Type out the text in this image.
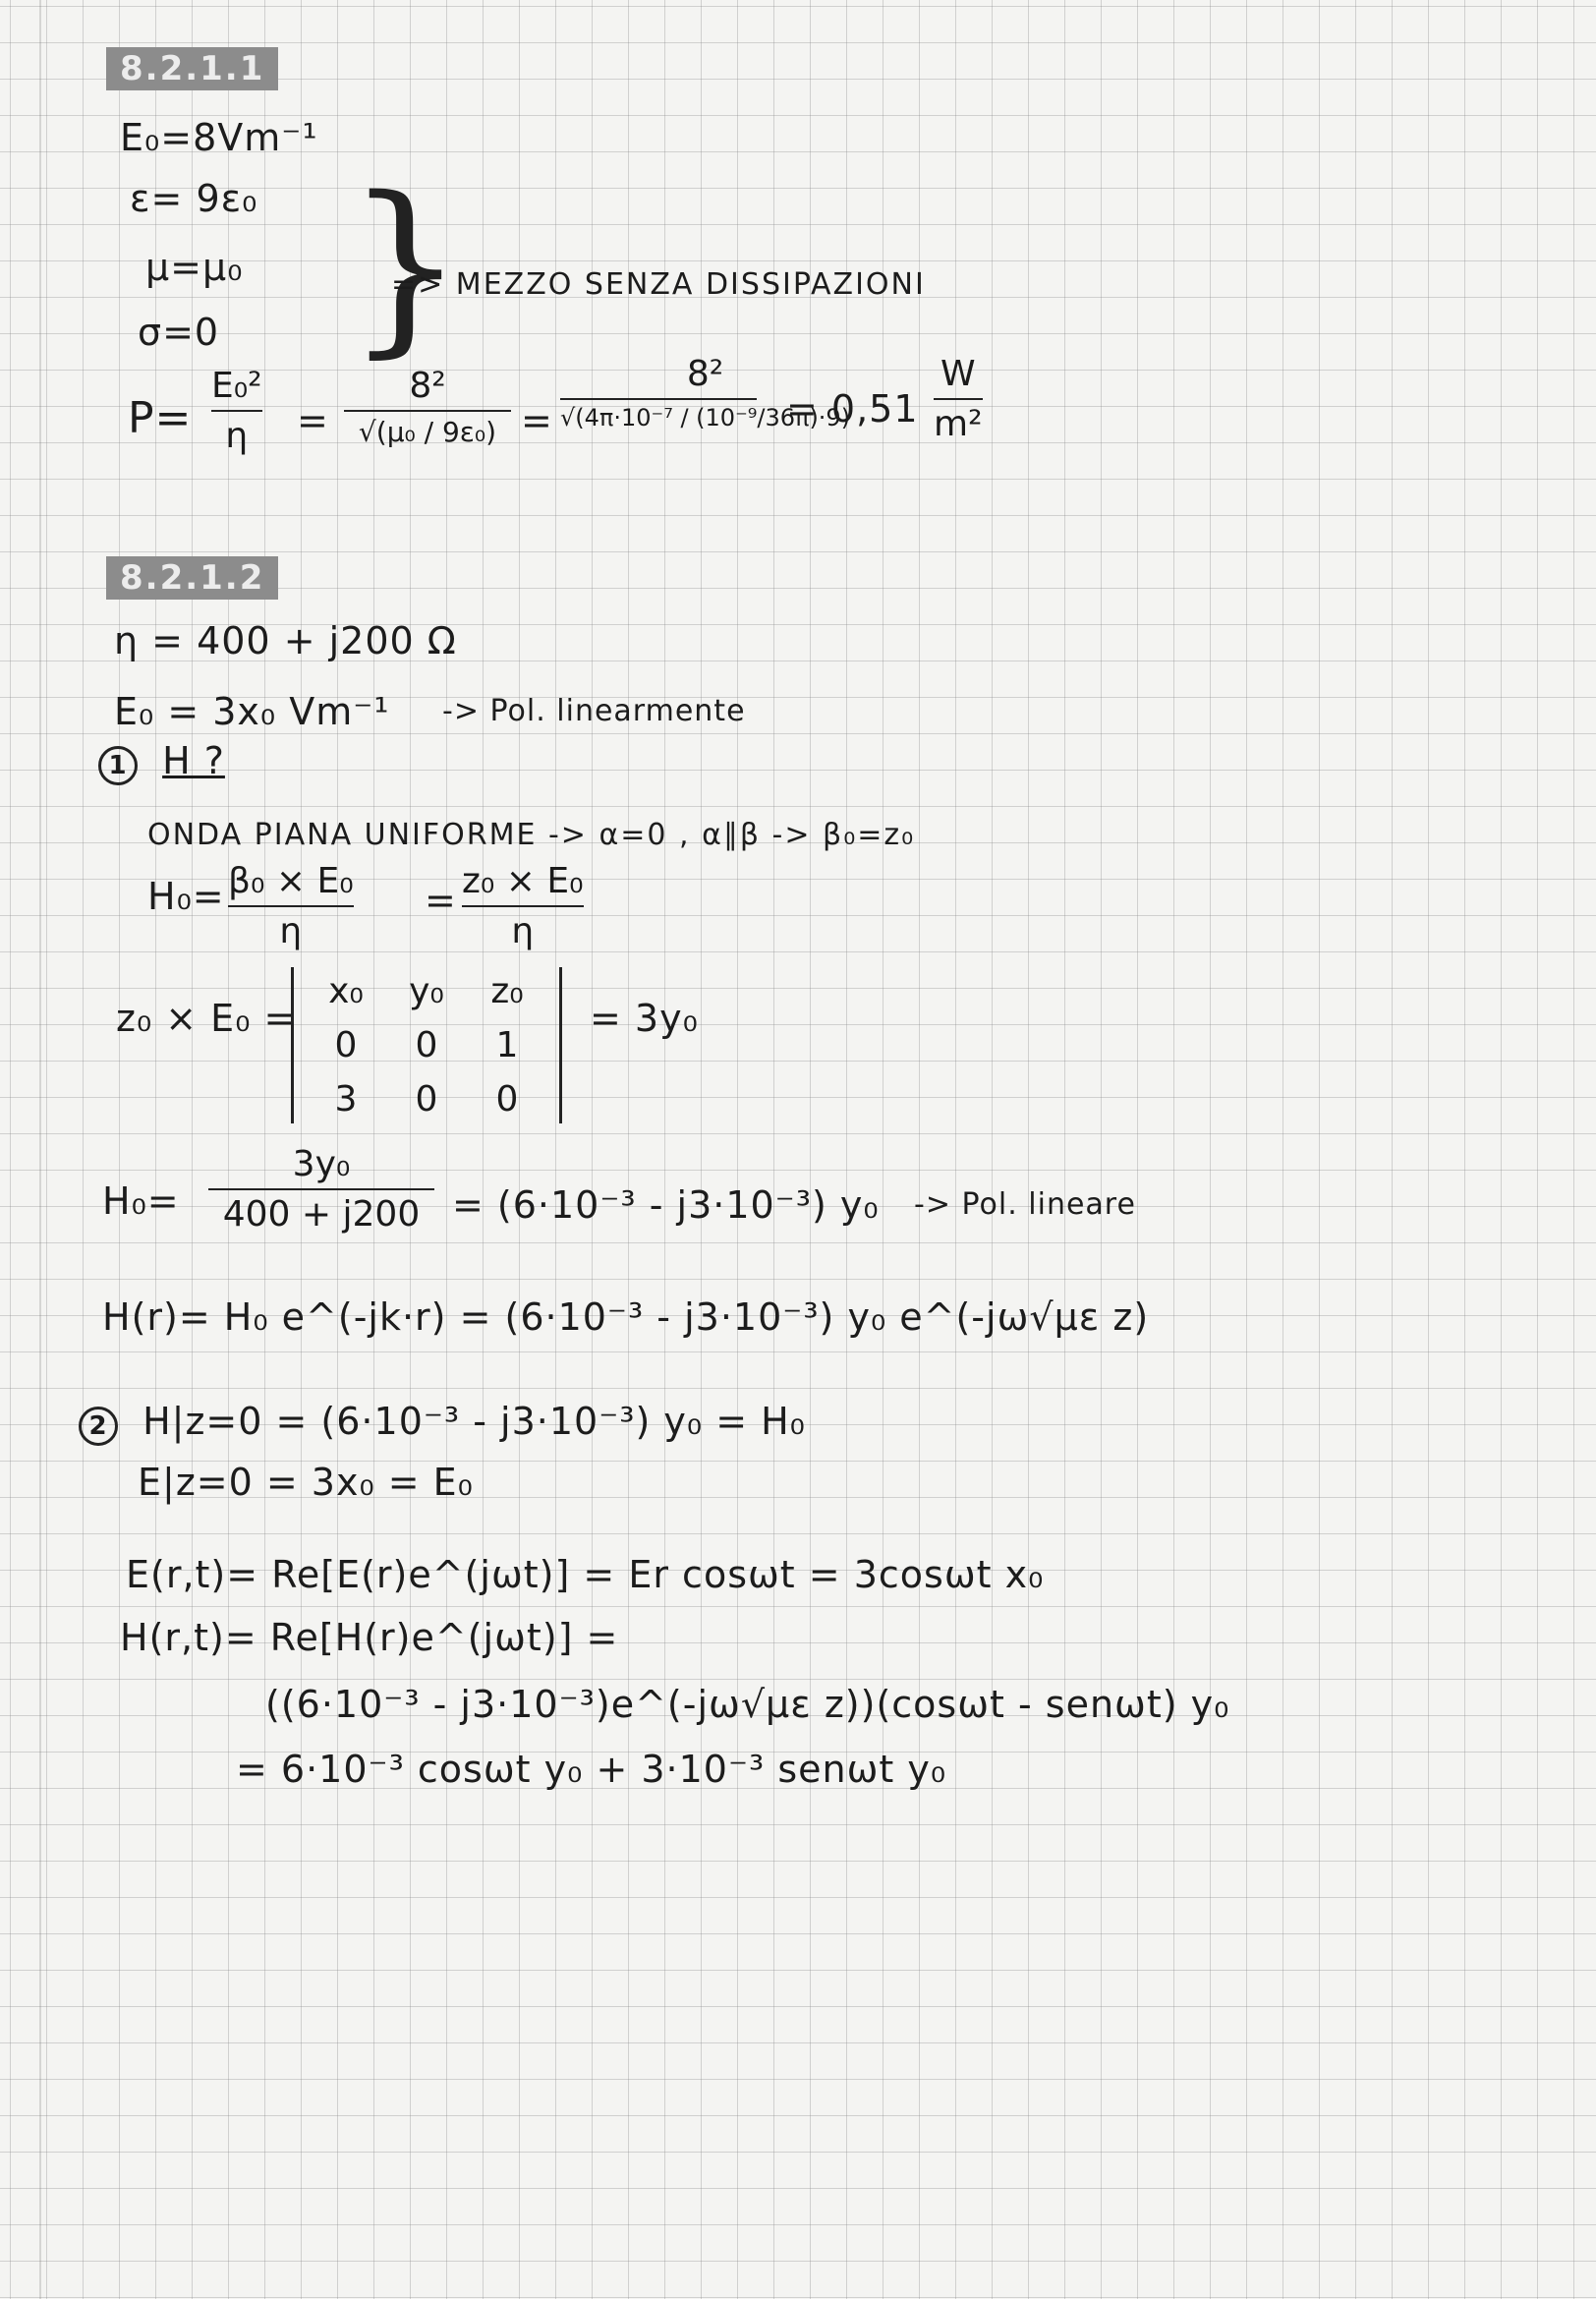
8.2.1.1
E₀=8Vm⁻¹
ε= 9ε₀
μ=μ₀
σ=0 }
=> MEZZO SENZA DISSIPAZIONI
P=
E₀²
η =
8²
√(μ₀ / 9ε₀) =
8²
√(4π·10⁻⁷ / (10⁻⁹/36π)·9)
= 0,51
W
m²
8.2.1.2
η = 400 + j200 Ω
E₀ = 3x₀ Vm⁻¹ -> Pol. linearmente
1 H ?
ONDA PIANA UNIFORME -> α=0 , α∥β -> β₀=z₀
H₀= β₀ × E₀
η
= z₀ × E₀
η
z₀ × E₀ =
x₀	y₀	z₀
0	0	1
3	0	0
= 3y₀
H₀=
3y₀
400 + j200 = (6·10⁻³ - j3·10⁻³) y₀ -> Pol. lineare
H(r)= H₀ e^(-jk·r) = (6·10⁻³ - j3·10⁻³) y₀ e^(-jω√με z)
2 H|z=0 = (6·10⁻³ - j3·10⁻³) y₀ = H₀
E|z=0 = 3x₀ = E₀
E(r,t)= Re[E(r)e^(jωt)] = Er cosωt = 3cosωt x₀
H(r,t)= Re[H(r)e^(jωt)] =
((6·10⁻³ - j3·10⁻³)e^(-jω√με z))(cosωt - senωt) y₀
= 6·10⁻³ cosωt y₀ + 3·10⁻³ senωt y₀
